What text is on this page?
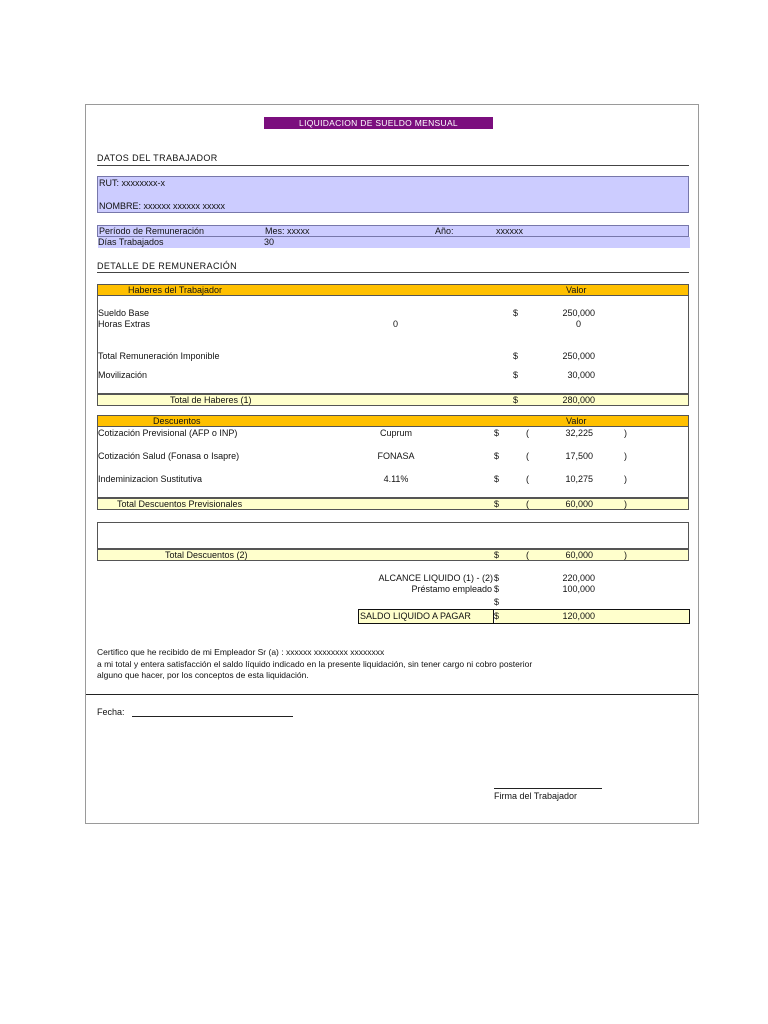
LIQUIDACION DE SUELDO MENSUAL
DATOS DEL TRABAJADOR
RUT: xxxxxxxx-x
NOMBRE: xxxxxx xxxxxx xxxxx
Período de Remuneración	Mes: xxxxx	Año:	xxxxxx
Días Trabajados	30
DETALLE DE REMUNERACIÓN
Haberes del Trabajador	Valor
Sueldo Base	$	250,000
Horas Extras	0	0
Total Remuneración Imponible	$	250,000
Movilización	$	30,000
Total de Haberes (1)	$	280,000
Descuentos	Valor
Cotización Previsional (AFP o INP)	Cuprum	$	(	32,225	)
Cotización Salud (Fonasa o Isapre)	FONASA	$	(	17,500	)
Indeminizacion Sustitutiva	4.11%	$	(	10,275	)
Total Descuentos Previsionales	$	(	60,000	)
Total Descuentos (2)	$	(	60,000	)
ALCANCE LIQUIDO (1) - (2) $	220,000
Préstamo empleado $	100,000
$
SALDO LIQUIDO A PAGAR	$	120,000
Certifico que he recibido de mi Empleador Sr (a) : xxxxxx xxxxxxxx xxxxxxxx
a mi total y entera satisfacción el saldo líquido indicado en la presente liquidación, sin tener cargo ni cobro posterior
alguno que hacer, por los conceptos de esta liquidación.
Fecha:
Firma del Trabajador
